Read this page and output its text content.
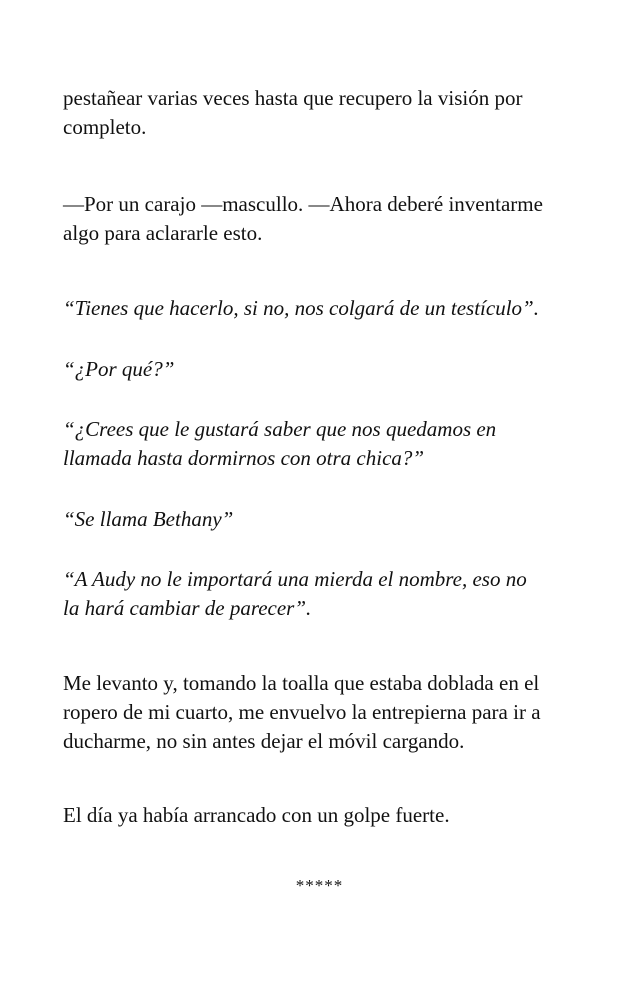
pestañear varias veces hasta que recupero la visión por
completo.

—Por un carajo —mascullo. —Ahora deberé inventarme
algo para aclararle esto.

“Tienes que hacerlo, si no, nos colgará de un testículo”.

“¿Por qué?”

“¿Crees que le gustará saber que nos quedamos en
llamada hasta dormirnos con otra chica?”

“Se llama Bethany”

“A Audy no le importará una mierda el nombre, eso no
la hará cambiar de parecer”.

Me levanto y, tomando la toalla que estaba doblada en el
ropero de mi cuarto, me envuelvo la entrepierna para ir a
ducharme, no sin antes dejar el móvil cargando.

El día ya había arrancado con un golpe fuerte.

*****
